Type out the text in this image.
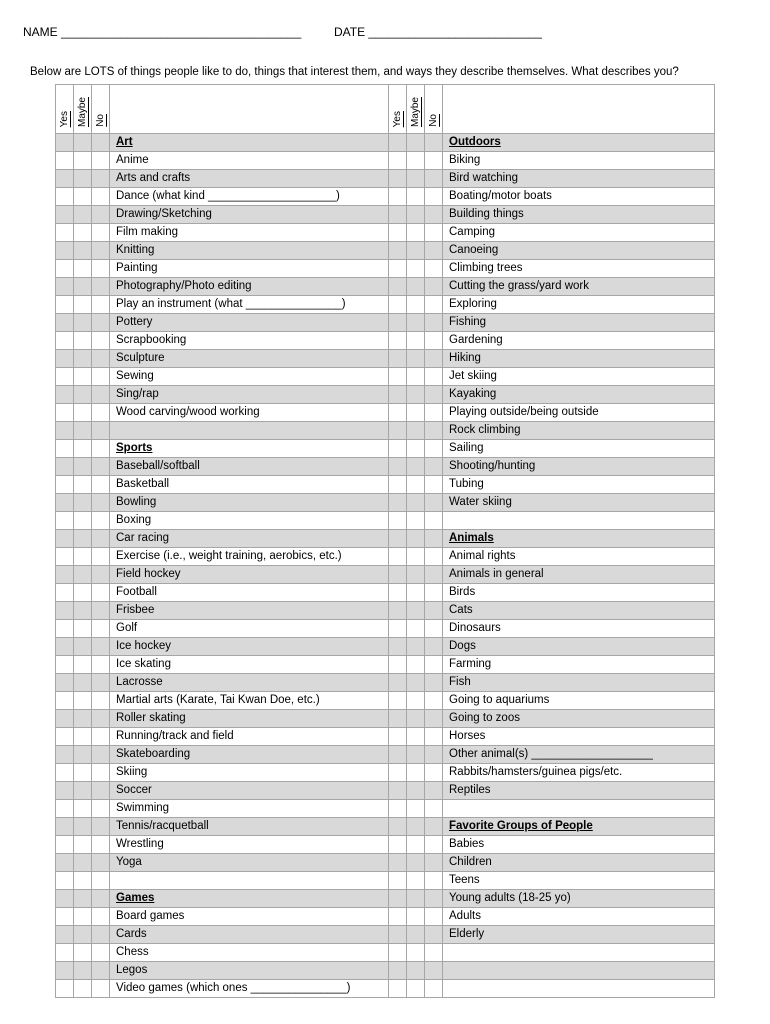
NAME ____________________________________	DATE __________________________
Below are LOTS of things people like to do, things that interest them, and ways they describe themselves. What describes you?
Yes	Maybe	No		Yes	Maybe	No	

			Art				Outdoors
			Anime				Biking
			Arts and crafts				Bird watching
			Dance (what kind ____________________)				Boating/motor boats
			Drawing/Sketching				Building things
			Film making				Camping
			Knitting				Canoeing
			Painting				Climbing trees
			Photography/Photo editing				Cutting the grass/yard work
			Play an instrument (what _______________)				Exploring
			Pottery				Fishing
			Scrapbooking				Gardening
			Sculpture				Hiking
			Sewing				Jet skiing
			Sing/rap				Kayaking
			Wood carving/wood working				Playing outside/being outside
							Rock climbing
			Sports				Sailing
			Baseball/softball				Shooting/hunting
			Basketball				Tubing
			Bowling				Water skiing
			Boxing				
			Car racing				Animals
			Exercise (i.e., weight training, aerobics, etc.)				Animal rights
			Field hockey				Animals in general
			Football				Birds
			Frisbee				Cats
			Golf				Dinosaurs
			Ice hockey				Dogs
			Ice skating				Farming
			Lacrosse				Fish
			Martial arts (Karate, Tai Kwan Doe, etc.)				Going to aquariums
			Roller skating				Going to zoos
			Running/track and field				Horses
			Skateboarding				Other animal(s) ___________________
			Skiing				Rabbits/hamsters/guinea pigs/etc.
			Soccer				Reptiles
			Swimming				
			Tennis/racquetball				Favorite Groups of People
			Wrestling				Babies
			Yoga				Children
							Teens
			Games				Young adults (18-25 yo)
			Board games				Adults
			Cards				Elderly
			Chess				
			Legos				
			Video games (which ones _______________)				
